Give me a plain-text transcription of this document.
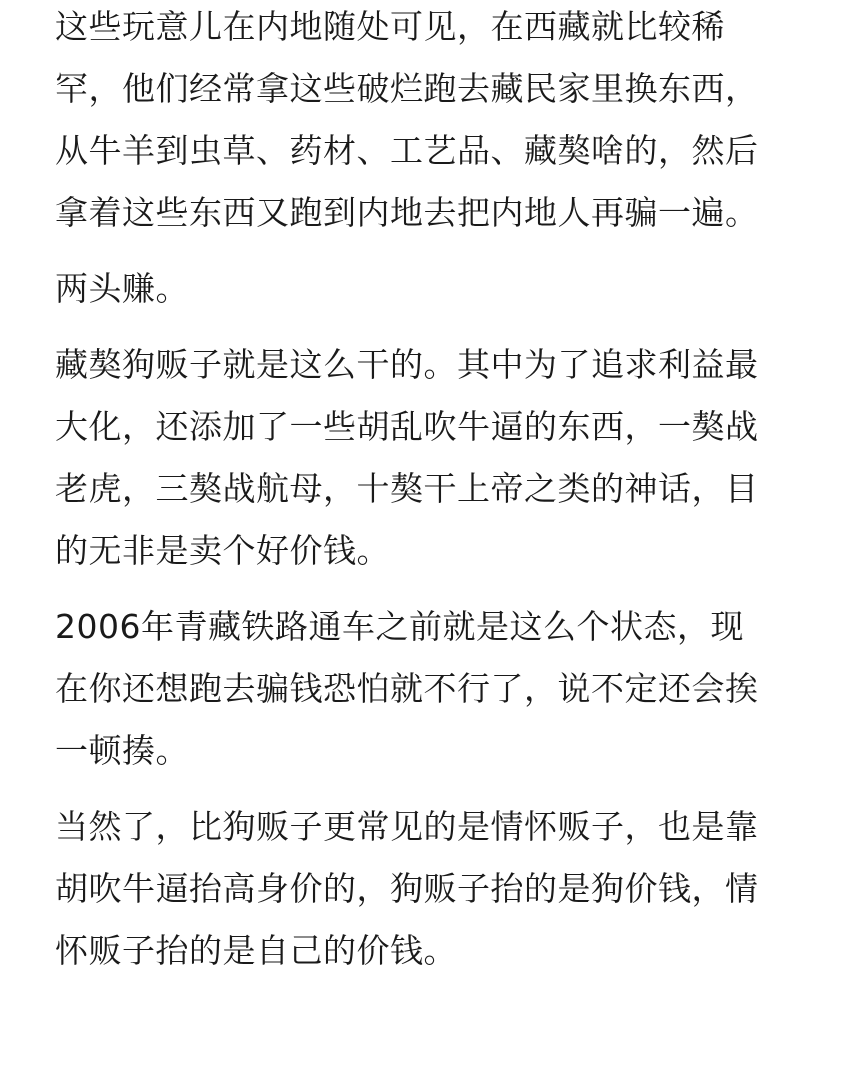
这些玩意儿在内地随处可见，在西藏就比较稀
罕，他们经常拿这些破烂跑去藏民家里换东西，
从牛羊到虫草、药材、工艺品、藏獒啥的，然后
拿着这些东西又跑到内地去把内地人再骗一遍。

两头赚。

藏獒狗贩子就是这么干的。其中为了追求利益最
大化，还添加了一些胡乱吹牛逼的东西，一獒战
老虎，三獒战航母，十獒干上帝之类的神话，目
的无非是卖个好价钱。

2006年青藏铁路通车之前就是这么个状态，现
在你还想跑去骗钱恐怕就不行了，说不定还会挨
一顿揍。

当然了，比狗贩子更常见的是情怀贩子，也是靠
胡吹牛逼抬高身价的，狗贩子抬的是狗价钱，情
怀贩子抬的是自己的价钱。
